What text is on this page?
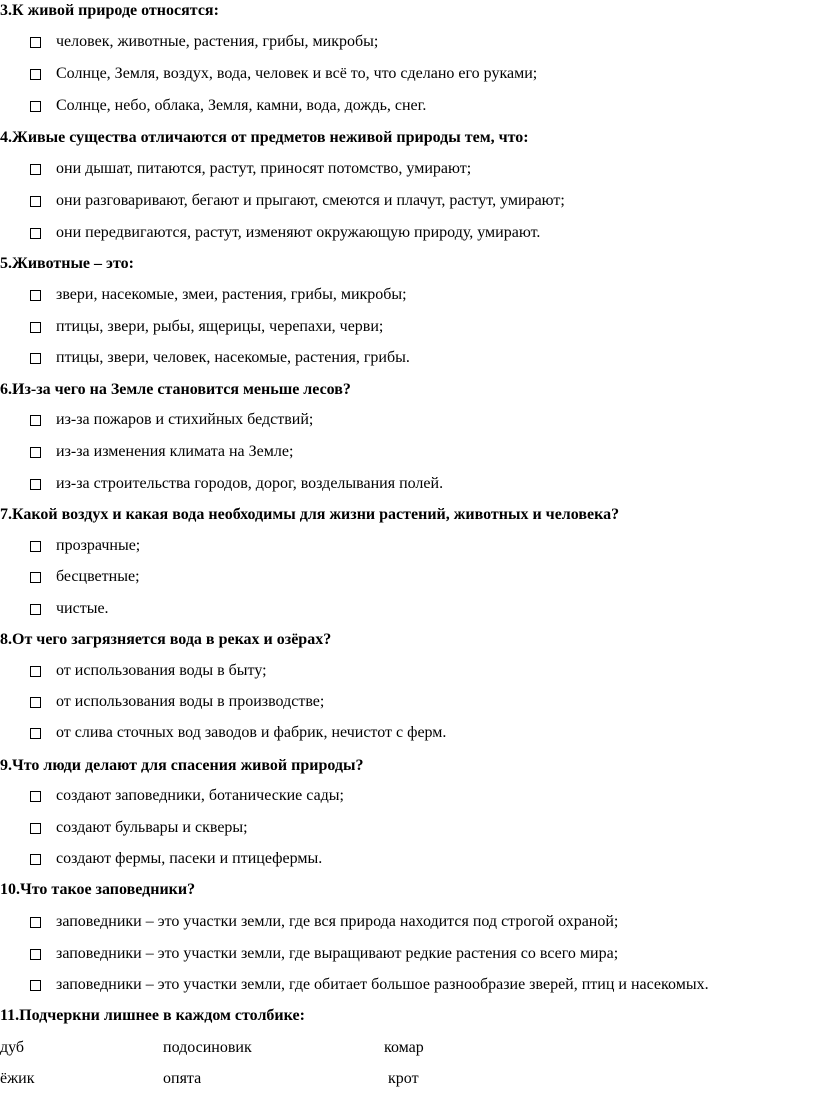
3.К живой природе относятся:
человек, животные, растения, грибы, микробы;
Солнце, Земля, воздух, вода, человек и всё то, что сделано его руками;
Солнце, небо, облака, Земля, камни, вода, дождь, снег.
4.Живые существа отличаются от предметов неживой природы тем, что:
они дышат, питаются, растут, приносят потомство, умирают;
они разговаривают, бегают и прыгают, смеются и плачут, растут, умирают;
они передвигаются, растут, изменяют окружающую природу, умирают.
5.Животные – это:
звери, насекомые, змеи, растения, грибы, микробы;
птицы, звери, рыбы, ящерицы, черепахи, черви;
птицы, звери, человек, насекомые, растения, грибы.
6.Из-за чего на Земле становится меньше лесов?
из-за пожаров и стихийных бедствий;
из-за изменения климата на Земле;
из-за строительства городов, дорог, возделывания полей.
7.Какой воздух и какая вода необходимы для жизни растений, животных и человека?
прозрачные;
бесцветные;
чистые.
8.От чего загрязняется вода в реках и озёрах?
от использования воды в быту;
от использования воды в производстве;
от слива сточных вод заводов и фабрик, нечистот с ферм.
9.Что люди делают для спасения живой природы?
создают заповедники, ботанические сады;
создают бульвары и скверы;
создают фермы, пасеки и птицефермы.
10.Что такое заповедники?
заповедники – это участки земли, где вся природа находится под строгой охраной;
заповедники – это участки земли, где выращивают редкие растения со всего мира;
заповедники – это участки земли, где обитает большое разнообразие зверей, птиц и насекомых.
11.Подчеркни лишнее в каждом столбике:
дуб	подосиновик	комар
ёжик	опята	крот
